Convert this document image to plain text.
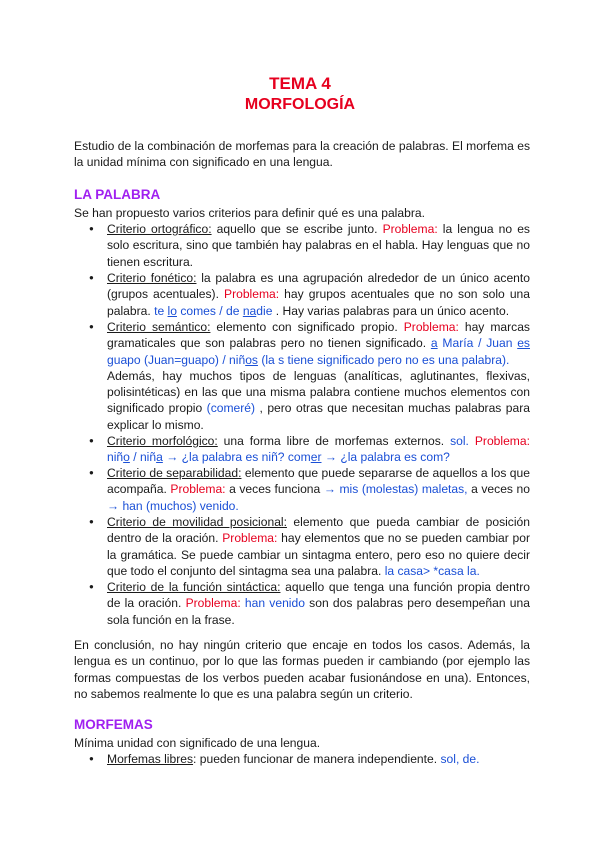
TEMA 4
MORFOLOGÍA
Estudio de la combinación de morfemas para la creación de palabras. El morfema es la unidad mínima con significado en una lengua.
LA PALABRA
Se han propuesto varios criterios para definir qué es una palabra.
● Criterio ortográfico: aquello que se escribe junto. Problema: la lengua no es solo escritura, sino que también hay palabras en el habla. Hay lenguas que no tienen escritura.
● Criterio fonético: la palabra es una agrupación alrededor de un único acento (grupos acentuales). Problema: hay grupos acentuales que no son solo una palabra. te lo comes / de nadie . Hay varias palabras para un único acento.
● Criterio semántico: elemento con significado propio. Problema: hay marcas gramaticales que son palabras pero no tienen significado. a María / Juan es guapo (Juan=guapo) / niños (la s tiene significado pero no es una palabra).
Además, hay muchos tipos de lenguas (analíticas, aglutinantes, flexivas, polisintéticas) en las que una misma palabra contiene muchos elementos con significado propio (comeré) , pero otras que necesitan muchas palabras para explicar lo mismo.
● Criterio morfológico: una forma libre de morfemas externos. sol. Problema: niño / niña → ¿la palabra es niñ? comer → ¿la palabra es com?
● Criterio de separabilidad: elemento que puede separarse de aquellos a los que acompaña. Problema: a veces funciona → mis (molestas) maletas, a veces no → han (muchos) venido.
● Criterio de movilidad posicional: elemento que pueda cambiar de posición dentro de la oración. Problema: hay elementos que no se pueden cambiar por la gramática. Se puede cambiar un sintagma entero, pero eso no quiere decir que todo el conjunto del sintagma sea una palabra. la casa> *casa la.
● Criterio de la función sintáctica: aquello que tenga una función propia dentro de la oración. Problema: han venido son dos palabras pero desempeñan una sola función en la frase.
En conclusión, no hay ningún criterio que encaje en todos los casos. Además, la lengua es un continuo, por lo que las formas pueden ir cambiando (por ejemplo las formas compuestas de los verbos pueden acabar fusionándose en una). Entonces, no sabemos realmente lo que es una palabra según un criterio.
MORFEMAS
Mínima unidad con significado de una lengua.
● Morfemas libres: pueden funcionar de manera independiente. sol, de.
